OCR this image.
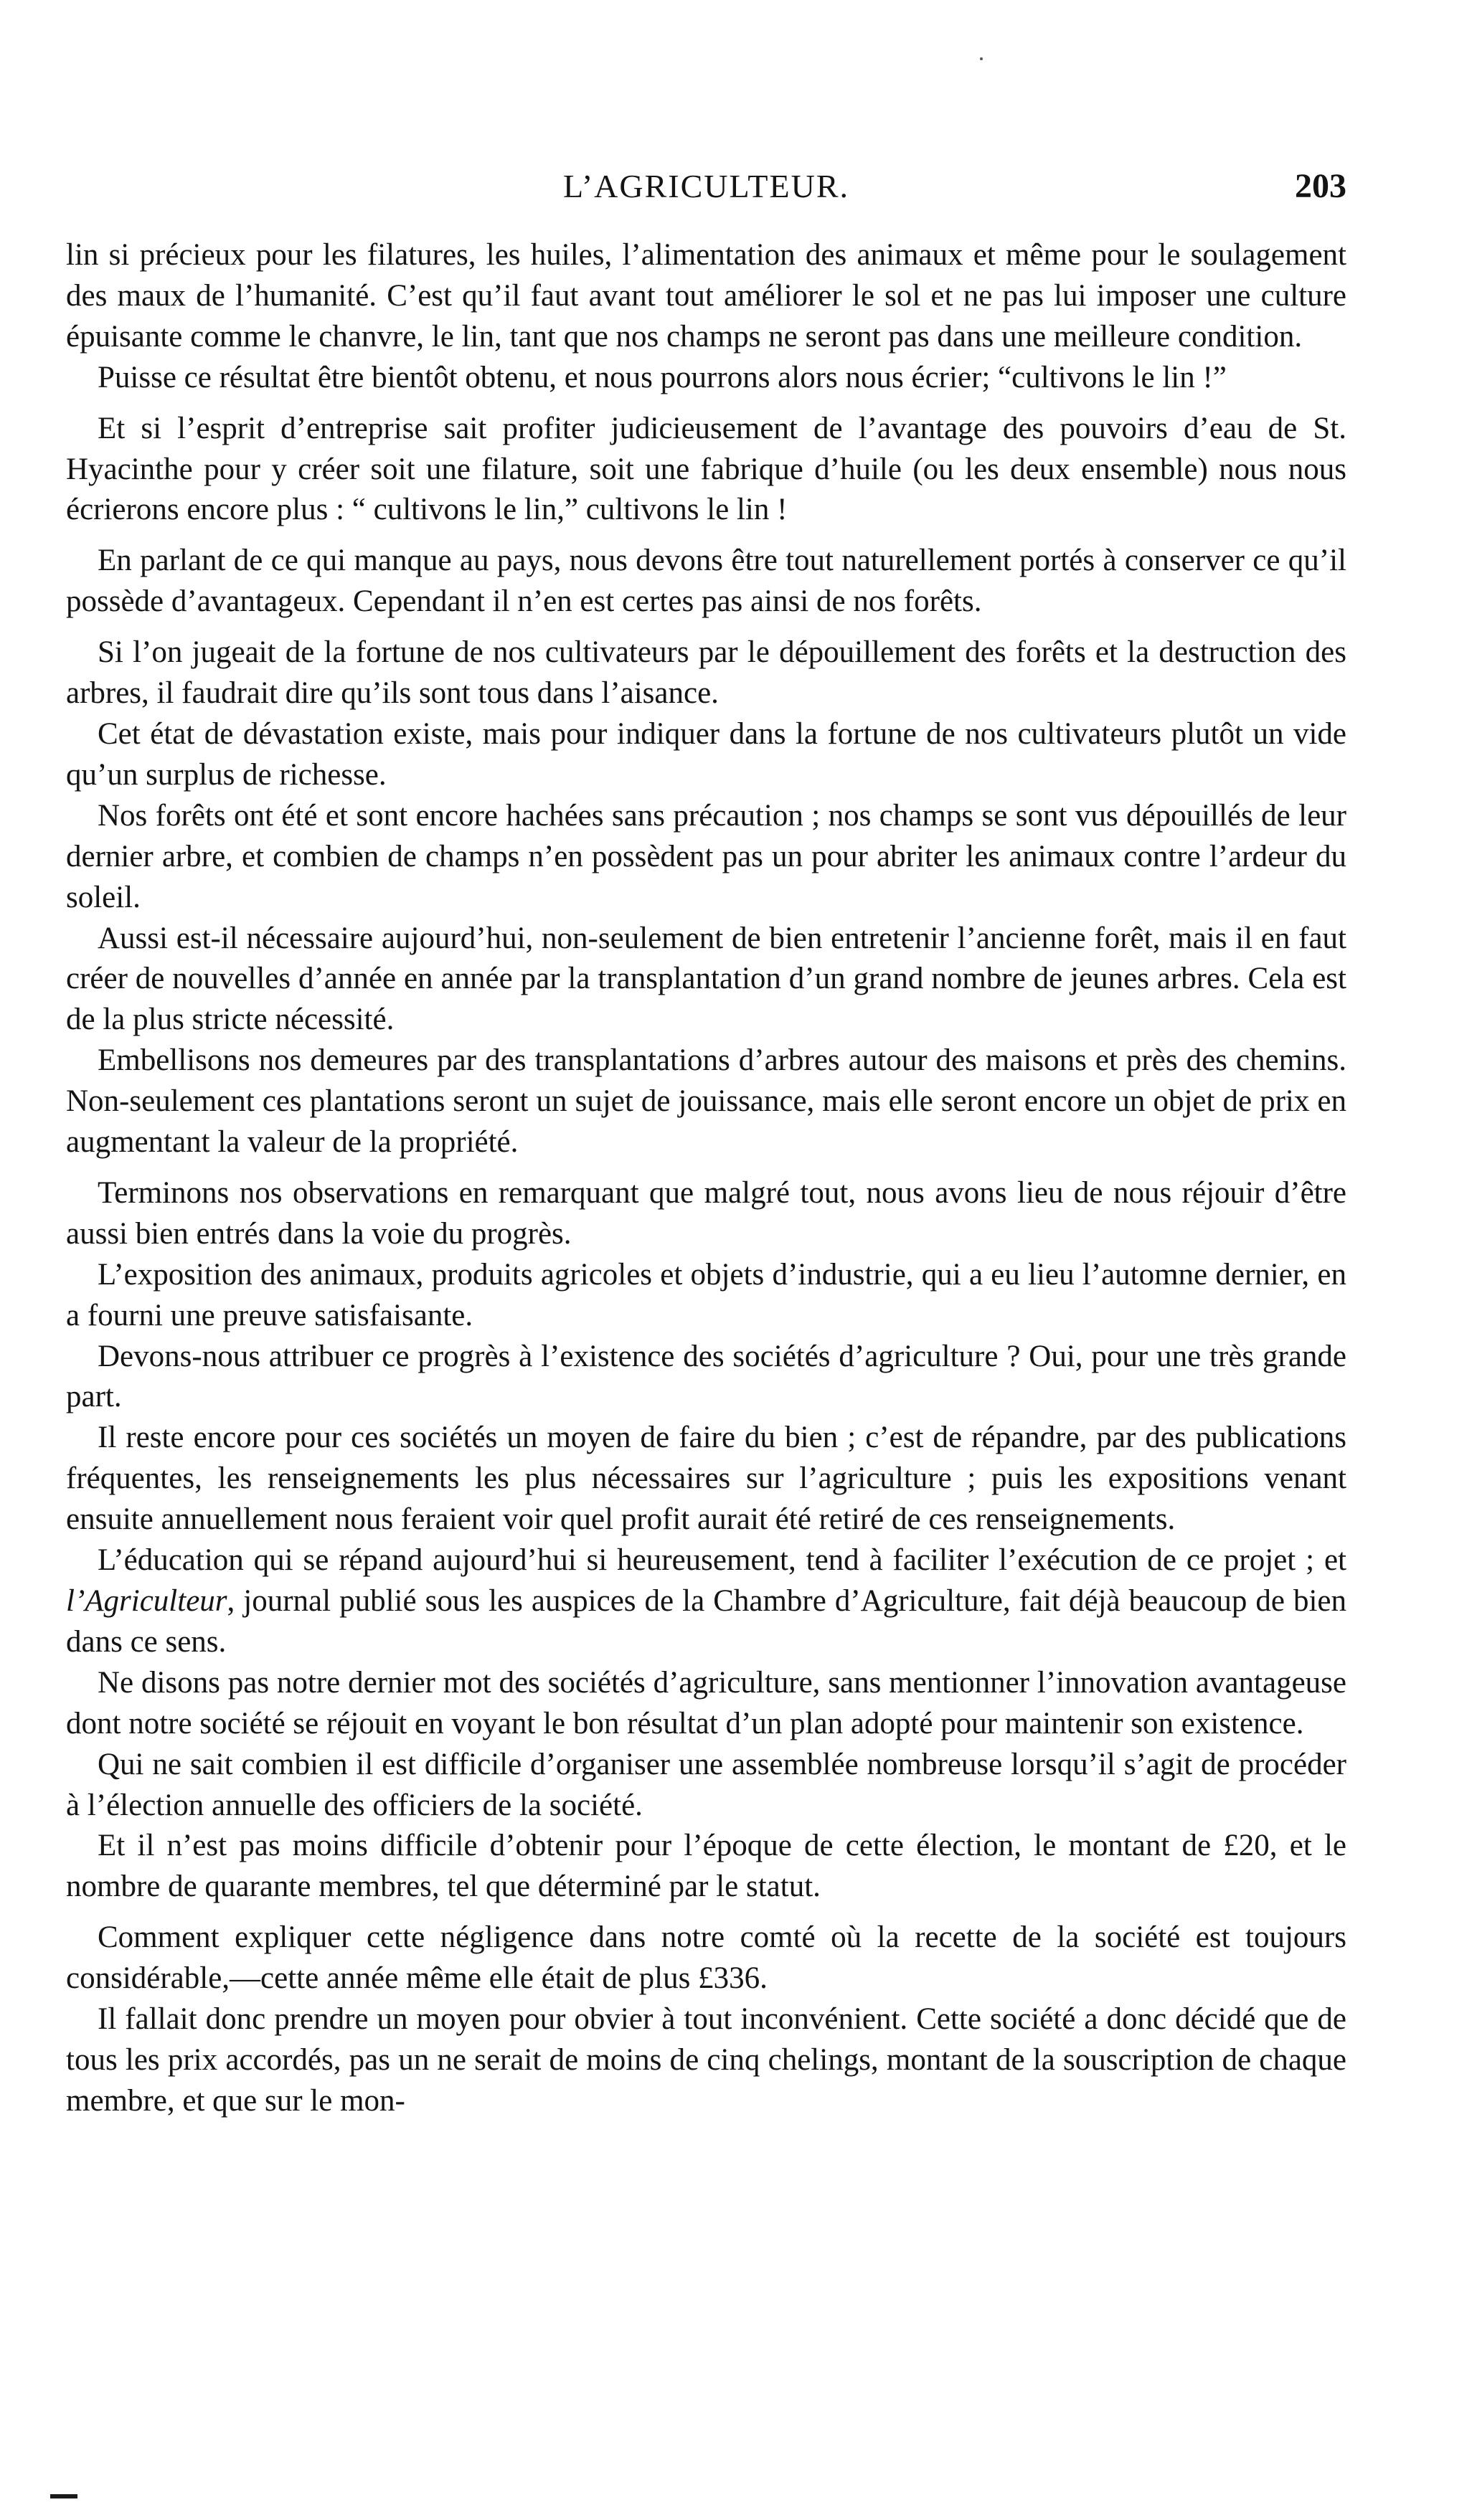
L’AGRICULTEUR.	203

lin si précieux pour les filatures, les huiles, l’alimentation des animaux et même pour le soulagement des maux de l’humanité. C’est qu’il faut avant tout améliorer le sol et ne pas lui imposer une culture épuisante comme le chanvre, le lin, tant que nos champs ne seront pas dans une meilleure condition.

Puisse ce résultat être bientôt obtenu, et nous pourrons alors nous écrier; “cultivons le lin !”

Et si l’esprit d’entreprise sait profiter judicieusement de l’avantage des pouvoirs d’eau de St. Hyacinthe pour y créer soit une filature, soit une fabrique d’huile (ou les deux ensemble) nous nous écrierons encore plus : “ cultivons le lin,” cultivons le lin !

En parlant de ce qui manque au pays, nous devons être tout naturellement portés à conserver ce qu’il possède d’avantageux. Cependant il n’en est certes pas ainsi de nos forêts.

Si l’on jugeait de la fortune de nos cultivateurs par le dépouillement des forêts et la destruction des arbres, il faudrait dire qu’ils sont tous dans l’aisance.

Cet état de dévastation existe, mais pour indiquer dans la fortune de nos cultivateurs plutôt un vide qu’un surplus de richesse.

Nos forêts ont été et sont encore hachées sans précaution ; nos champs se sont vus dépouillés de leur dernier arbre, et combien de champs n’en possèdent pas un pour abriter les animaux contre l’ardeur du soleil.

Aussi est-il nécessaire aujourd’hui, non-seulement de bien entretenir l’ancienne forêt, mais il en faut créer de nouvelles d’année en année par la transplantation d’un grand nombre de jeunes arbres. Cela est de la plus stricte nécessité.

Embellisons nos demeures par des transplantations d’arbres autour des maisons et près des chemins. Non-seulement ces plantations seront un sujet de jouissance, mais elle seront encore un objet de prix en augmentant la valeur de la propriété.

Terminons nos observations en remarquant que malgré tout, nous avons lieu de nous réjouir d’être aussi bien entrés dans la voie du progrès.

L’exposition des animaux, produits agricoles et objets d’industrie, qui a eu lieu l’automne dernier, en a fourni une preuve satisfaisante.

Devons-nous attribuer ce progrès à l’existence des sociétés d’agriculture ? Oui, pour une très grande part.

Il reste encore pour ces sociétés un moyen de faire du bien ; c’est de répandre, par des publications fréquentes, les renseignements les plus nécessaires sur l’agriculture ; puis les expositions venant ensuite annuellement nous feraient voir quel profit aurait été retiré de ces renseignements.

L’éducation qui se répand aujourd’hui si heureusement, tend à faciliter l’exécution de ce projet ; et l’Agriculteur, journal publié sous les auspices de la Chambre d’Agriculture, fait déjà beaucoup de bien dans ce sens.

Ne disons pas notre dernier mot des sociétés d’agriculture, sans mentionner l’innovation avantageuse dont notre société se réjouit en voyant le bon résultat d’un plan adopté pour maintenir son existence.

Qui ne sait combien il est difficile d’organiser une assemblée nombreuse lorsqu’il s’agit de procéder à l’élection annuelle des officiers de la société.

Et il n’est pas moins difficile d’obtenir pour l’époque de cette élection, le montant de £20, et le nombre de quarante membres, tel que déterminé par le statut.

Comment expliquer cette négligence dans notre comté où la recette de la société est toujours considérable,—cette année même elle était de plus £336.

Il fallait donc prendre un moyen pour obvier à tout inconvénient. Cette société a donc décidé que de tous les prix accordés, pas un ne serait de moins de cinq chelings, montant de la souscription de chaque membre, et que sur le mon-
